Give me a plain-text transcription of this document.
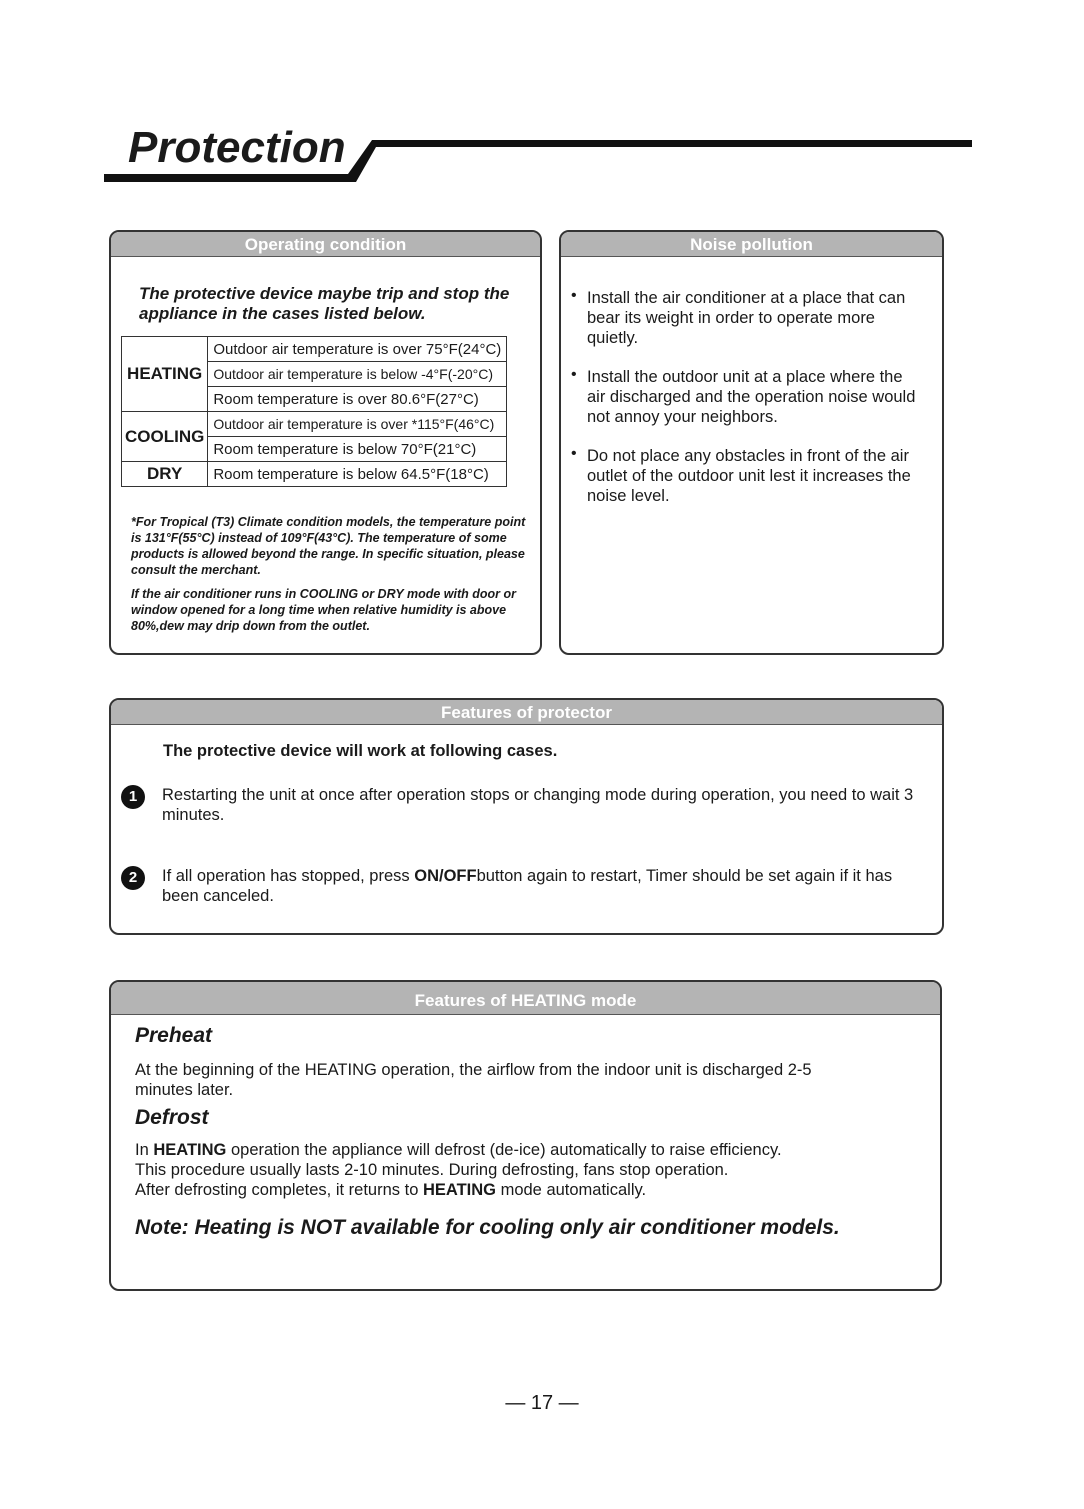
Protection
Operating condition

The protective device maybe trip and stop the appliance in the cases listed below.

HEATING	Outdoor air temperature is over 75°F(24°C)
	Outdoor air temperature is below -4°F(-20°C)
	Room temperature is over 80.6°F(27°C)
COOLING	Outdoor air temperature is over *115°F(46°C)
	Room temperature is below 70°F(21°C)
DRY	Room temperature is below 64.5°F(18°C)

*For Tropical (T3) Climate condition models, the temperature point is 131°F(55°C) instead of 109°F(43°C). The temperature of some products is allowed beyond the range. In specific situation, please consult the merchant.

If the air conditioner runs in COOLING or DRY mode with door or window opened for a long time when relative humidity is above 80%,dew may drip down from the outlet.

Noise pollution
• Install the air conditioner at a place that can bear its weight in order to operate more quietly.
• Install the outdoor unit at a place where the air discharged and the operation noise would not annoy your neighbors.
• Do not place any obstacles in front of the air outlet of the outdoor unit lest it increases the noise level.
Features of protector

The protective device will work at following cases.

1	Restarting the unit at once after operation stops or changing mode during operation, you need to wait 3 minutes.

2	If all operation has stopped, press ON/OFFbutton again to restart, Timer should be set again if it has been canceled.

Features of HEATING mode

Preheat

At the beginning of the HEATING operation, the airflow from the indoor unit is discharged 2-5 minutes later.

Defrost

In HEATING operation the appliance will defrost (de-ice) automatically to raise efficiency.
This procedure usually lasts 2-10 minutes. During defrosting, fans stop operation.
After defrosting completes, it returns to HEATING mode automatically.

Note: Heating is NOT available for cooling only air conditioner models.

— 17 —
